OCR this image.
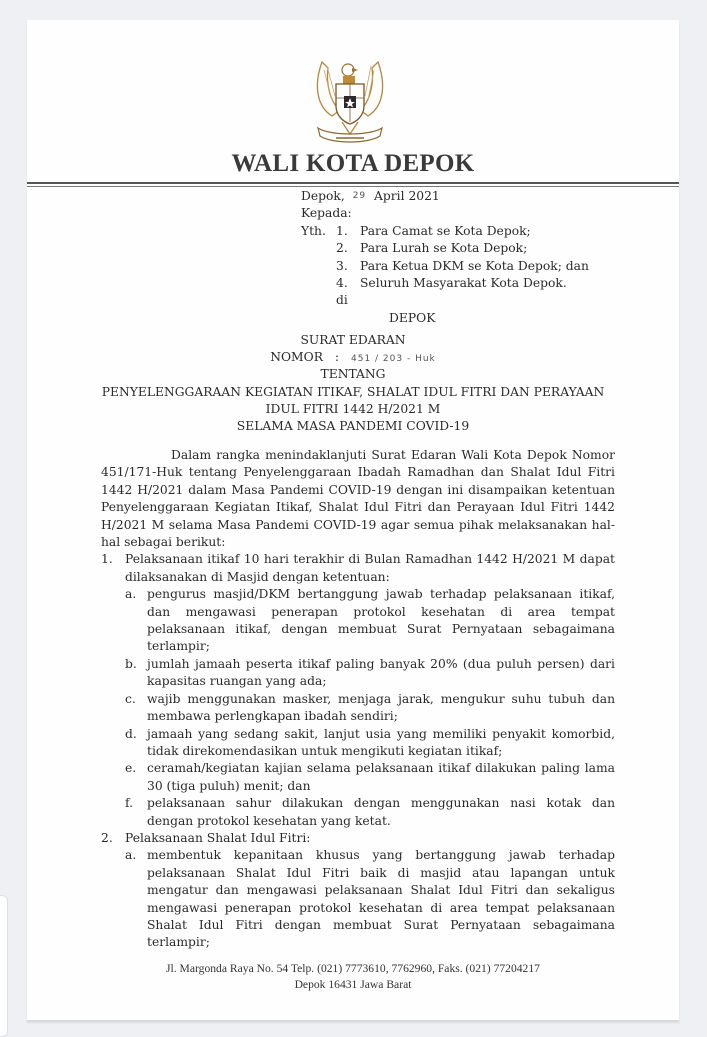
WALI KOTA DEPOK
Depok, 29 April 2021
Kepada:
Yth. 1. Para Camat se Kota Depok;
2. Para Lurah se Kota Depok;
3. Para Ketua DKM se Kota Depok; dan
4. Seluruh Masyarakat Kota Depok.
di
DEPOK
SURAT EDARAN
NOMOR : 451 / 203 - Huk
TENTANG
PENYELENGGARAAN KEGIATAN ITIKAF, SHALAT IDUL FITRI DAN PERAYAAN
IDUL FITRI 1442 H/2021 M
SELAMA MASA PANDEMI COVID-19

Dalam rangka menindaklanjuti Surat Edaran Wali Kota Depok Nomor 451/171-Huk tentang Penyelenggaraan Ibadah Ramadhan dan Shalat Idul Fitri 1442 H/2021 dalam Masa Pandemi COVID-19 dengan ini disampaikan ketentuan Penyelenggaraan Kegiatan Itikaf, Shalat Idul Fitri dan Perayaan Idul Fitri 1442 H/2021 M selama Masa Pandemi COVID-19 agar semua pihak melaksanakan hal-hal sebagai berikut:

1. Pelaksanaan itikaf 10 hari terakhir di Bulan Ramadhan 1442 H/2021 M dapat dilaksanakan di Masjid dengan ketentuan:
a. pengurus masjid/DKM bertanggung jawab terhadap pelaksanaan itikaf, dan mengawasi penerapan protokol kesehatan di area tempat pelaksanaan itikaf, dengan membuat Surat Pernyataan sebagaimana terlampir;
b. jumlah jamaah peserta itikaf paling banyak 20% (dua puluh persen) dari kapasitas ruangan yang ada;
c. wajib menggunakan masker, menjaga jarak, mengukur suhu tubuh dan membawa perlengkapan ibadah sendiri;
d. jamaah yang sedang sakit, lanjut usia yang memiliki penyakit komorbid, tidak direkomendasikan untuk mengikuti kegiatan itikaf;
e. ceramah/kegiatan kajian selama pelaksanaan itikaf dilakukan paling lama 30 (tiga puluh) menit; dan
f.	pelaksanaan sahur dilakukan dengan menggunakan nasi kotak dan dengan protokol kesehatan yang ketat.
2. Pelaksanaan Shalat Idul Fitri:
a. membentuk kepanitaan khusus yang bertanggung jawab terhadap pelaksanaan Shalat Idul Fitri baik di masjid atau lapangan untuk mengatur dan mengawasi pelaksanaan Shalat Idul Fitri dan sekaligus mengawasi penerapan protokol kesehatan di area tempat pelaksanaan Shalat Idul Fitri dengan membuat Surat Pernyataan sebagaimana terlampir;
Jl. Margonda Raya No. 54 Telp. (021) 7773610, 7762960, Faks. (021) 77204217
Depok 16431 Jawa Barat
